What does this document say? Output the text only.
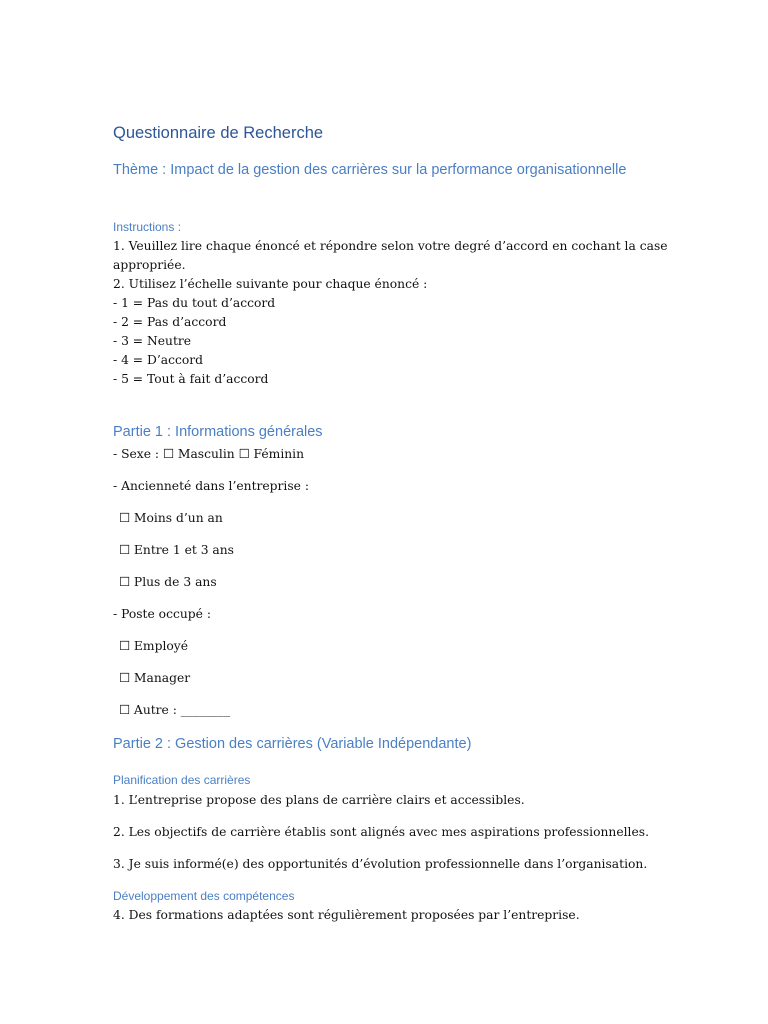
Questionnaire de Recherche
Thème : Impact de la gestion des carrières sur la performance organisationnelle
Instructions :
1. Veuillez lire chaque énoncé et répondre selon votre degré d’accord en cochant la case
appropriée.
2. Utilisez l’échelle suivante pour chaque énoncé :
- 1 = Pas du tout d’accord
- 2 = Pas d’accord
- 3 = Neutre
- 4 = D’accord
- 5 = Tout à fait d’accord
Partie 1 : Informations générales
- Sexe : ☐ Masculin ☐ Féminin
- Ancienneté dans l’entreprise :
☐ Moins d’un an
☐ Entre 1 et 3 ans
☐ Plus de 3 ans
- Poste occupé :
☐ Employé
☐ Manager
☐ Autre : ________
Partie 2 : Gestion des carrières (Variable Indépendante)
Planification des carrières
1. L’entreprise propose des plans de carrière clairs et accessibles.
2. Les objectifs de carrière établis sont alignés avec mes aspirations professionnelles.
3. Je suis informé(e) des opportunités d’évolution professionnelle dans l’organisation.
Développement des compétences
4. Des formations adaptées sont régulièrement proposées par l’entreprise.
